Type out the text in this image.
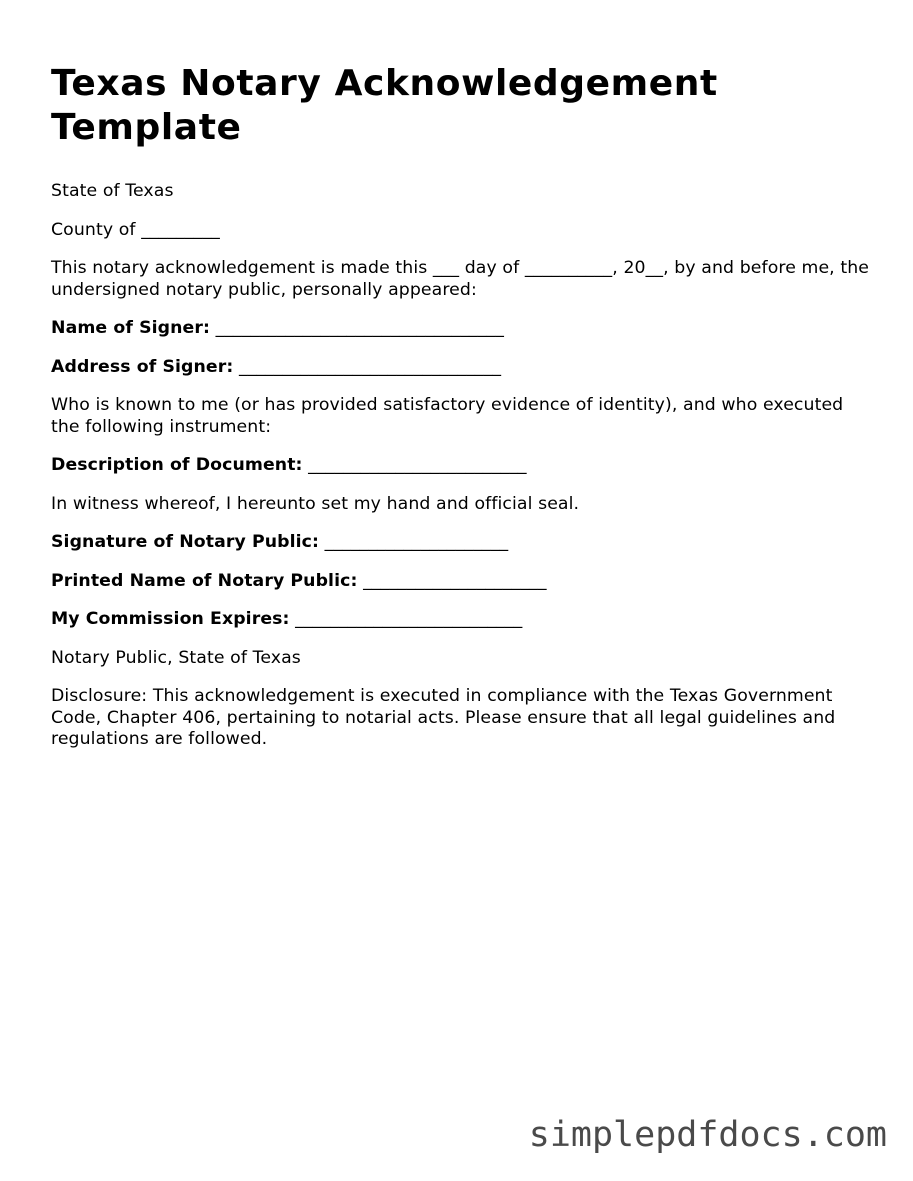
Texas Notary Acknowledgement Template

State of Texas

County of _________

This notary acknowledgement is made this ___ day of __________, 20__, by and before me, the undersigned notary public, personally appeared:

Name of Signer: _________________________________

Address of Signer: ______________________________

Who is known to me (or has provided satisfactory evidence of identity), and who executed the following instrument:

Description of Document: _________________________

In witness whereof, I hereunto set my hand and official seal.

Signature of Notary Public: _____________________

Printed Name of Notary Public: _____________________

My Commission Expires: __________________________

Notary Public, State of Texas

Disclosure: This acknowledgement is executed in compliance with the Texas Government Code, Chapter 406, pertaining to notarial acts. Please ensure that all legal guidelines and regulations are followed.

simplepdfdocs.com
